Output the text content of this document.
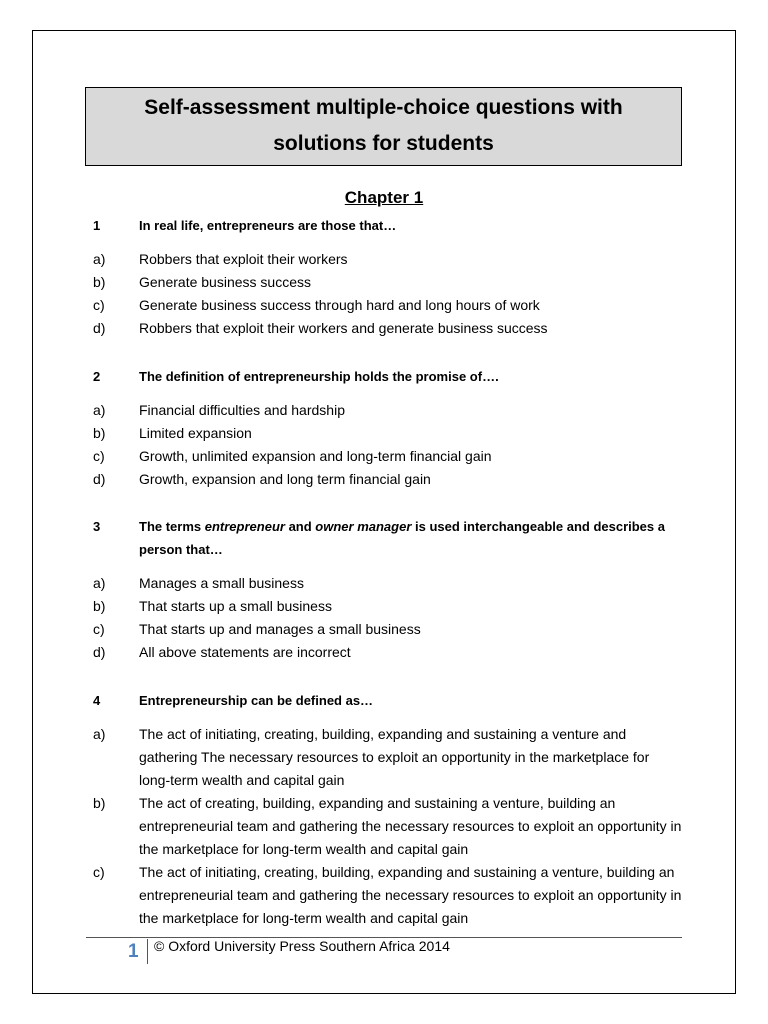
Self-assessment multiple-choice questions with
solutions for students
Chapter 1
1	In real life, entrepreneurs are those that…
a)	Robbers that exploit their workers
b)	Generate business success
c)	Generate business success through hard and long hours of work
d)	Robbers that exploit their workers and generate business success
2	The definition of entrepreneurship holds the promise of….
a)	Financial difficulties and hardship
b)	Limited expansion
c)	Growth, unlimited expansion and long-term financial gain
d)	Growth, expansion and long term financial gain
3	The terms entrepreneur and owner manager is used interchangeable and describes a person that…
a)	Manages a small business
b)	That starts up a small business
c)	That starts up and manages a small business
d)	All above statements are incorrect
4	Entrepreneurship can be defined as…
a)	The act of initiating, creating, building, expanding and sustaining a venture and gathering The necessary resources to exploit an opportunity in the marketplace for long-term wealth and capital gain
b)	The act of creating, building, expanding and sustaining a venture, building an entrepreneurial team and gathering the necessary resources to exploit an opportunity in the marketplace for long-term wealth and capital gain
c)	The act of initiating, creating, building, expanding and sustaining a venture, building an entrepreneurial team and gathering the necessary resources to exploit an opportunity in the marketplace for long-term wealth and capital gain
1 © Oxford University Press Southern Africa 2014
